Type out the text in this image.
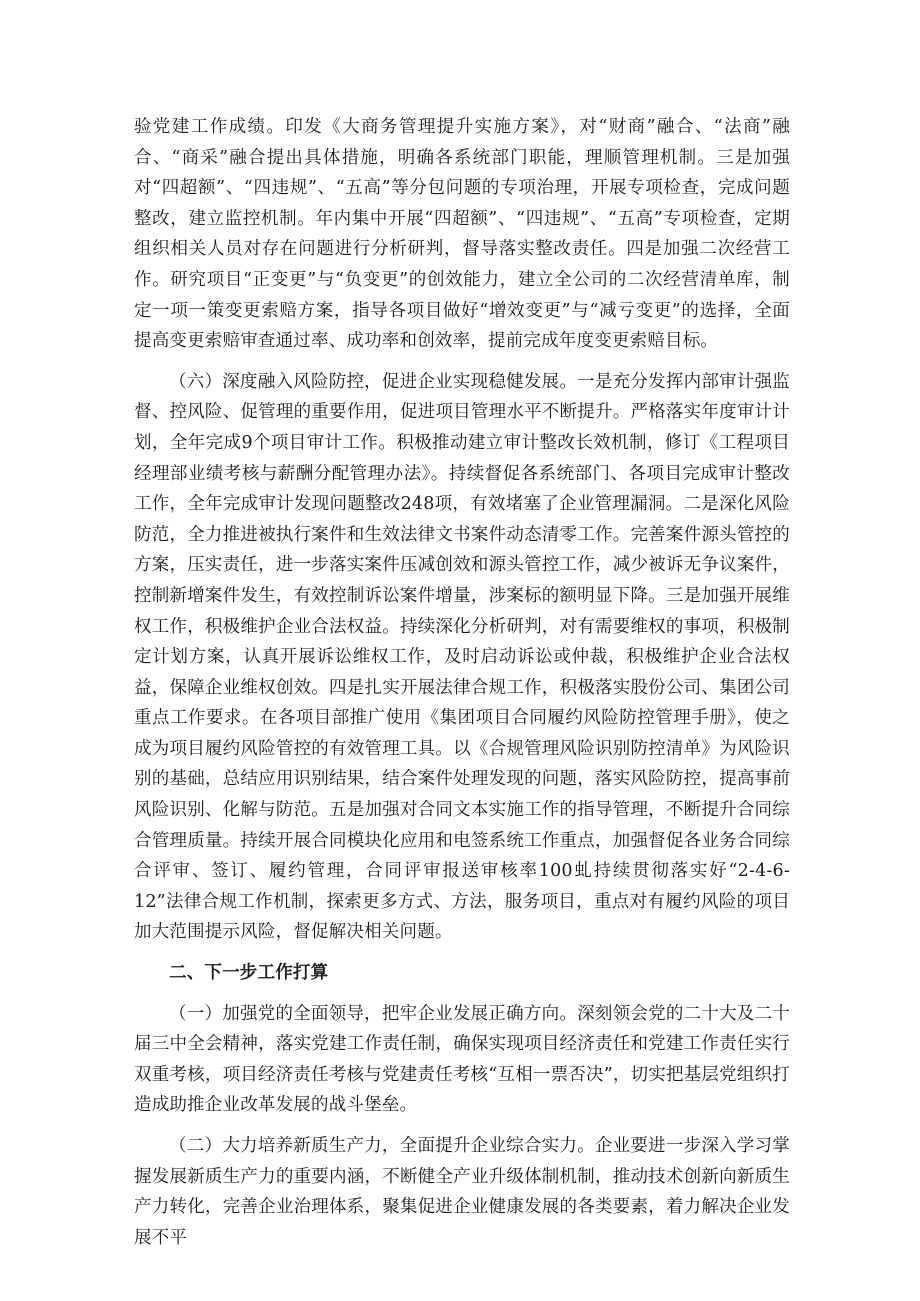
验党建工作成绩。印发《大商务管理提升实施方案》，对“财商”融合、“法商”融合、“商采”融合提出具体措施，明确各系统部门职能，理顺管理机制。三是加强对“四超额”、“四违规”、“五高”等分包问题的专项治理，开展专项检查，完成问题整改，建立监控机制。年内集中开展“四超额”、“四违规”、“五高”专项检查，定期组织相关人员对存在问题进行分析研判，督导落实整改责任。四是加强二次经营工作。研究项目“正变更”与“负变更”的创效能力，建立全公司的二次经营清单库，制定一项一策变更索赔方案，指导各项目做好“增效变更”与“减亏变更”的选择，全面提高变更索赔审查通过率、成功率和创效率，提前完成年度变更索赔目标。

（六）深度融入风险防控，促进企业实现稳健发展。一是充分发挥内部审计强监督、控风险、促管理的重要作用，促进项目管理水平不断提升。严格落实年度审计计划，全年完成9个项目审计工作。积极推动建立审计整改长效机制，修订《工程项目经理部业绩考核与薪酬分配管理办法》。持续督促各系统部门、各项目完成审计整改工作，全年完成审计发现问题整改248项，有效堵塞了企业管理漏洞。二是深化风险防范，全力推进被执行案件和生效法律文书案件动态清零工作。完善案件源头管控的方案，压实责任，进一步落实案件压减创效和源头管控工作，减少被诉无争议案件，控制新增案件发生，有效控制诉讼案件增量，涉案标的额明显下降。三是加强开展维权工作，积极维护企业合法权益。持续深化分析研判，对有需要维权的事项，积极制定计划方案，认真开展诉讼维权工作，及时启动诉讼或仲裁，积极维护企业合法权益，保障企业维权创效。四是扎实开展法律合规工作，积极落实股份公司、集团公司重点工作要求。在各项目部推广使用《集团项目合同履约风险防控管理手册》，使之成为项目履约风险管控的有效管理工具。以《合规管理风险识别防控清单》为风险识别的基础，总结应用识别结果，结合案件处理发现的问题，落实风险防控，提高事前风险识别、化解与防范。五是加强对合同文本实施工作的指导管理，不断提升合同综合管理质量。持续开展合同模块化应用和电签系统工作重点，加强督促各业务合同综合评审、签订、履约管理，合同评审报送审核率100虬持续贯彻落实好“2-4-6-12”法律合规工作机制，探索更多方式、方法，服务项目，重点对有履约风险的项目加大范围提示风险，督促解决相关问题。

二、下一步工作打算

（一）加强党的全面领导，把牢企业发展正确方向。深刻领会党的二十大及二十届三中全会精神，落实党建工作责任制，确保实现项目经济责任和党建工作责任实行双重考核，项目经济责任考核与党建责任考核“互相一票否决”，切实把基层党组织打造成助推企业改革发展的战斗堡垒。

（二）大力培养新质生产力，全面提升企业综合实力。企业要进一步深入学习掌握发展新质生产力的重要内涵，不断健全产业升级体制机制，推动技术创新向新质生产力转化，完善企业治理体系，聚集促进企业健康发展的各类要素，着力解决企业发展不平
